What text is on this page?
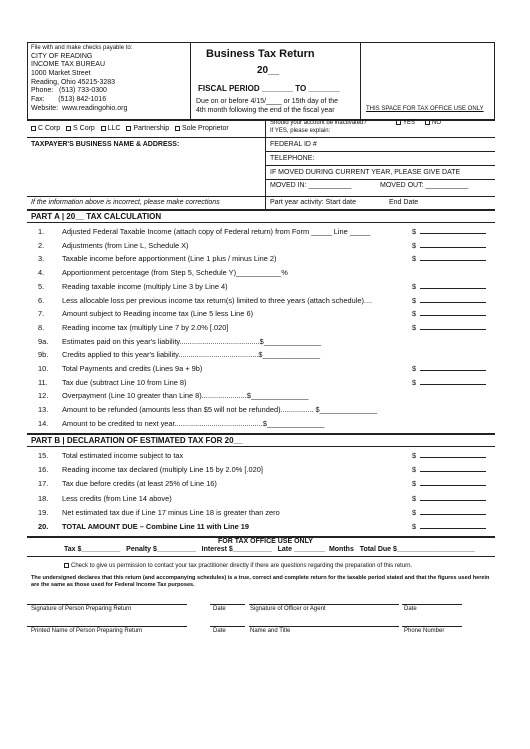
File with and make checks payable to:
CITY OF READING
INCOME TAX BUREAU
1000 Market Street
Reading, Ohio 45215-3283
Phone:   (513) 733-0300
Fax:       (513) 842-1016
Website:  www.readingohio.org
Business Tax Return
20__
FISCAL PERIOD _______ TO _______
Due on or before 4/15/____ or 15th day of the
4th month following the end of the fiscal year	THIS SPACE FOR TAX OFFICE USE ONLY
C Corp S Corp LLC Partnership Sole Proprietor
Should your account be inactivated?	YES	NO
If YES, please explain:
TAXPAYER'S BUSINESS NAME & ADDRESS:	FEDERAL ID #
TELEPHONE:
IF MOVED DURING CURRENT YEAR, PLEASE GIVE DATE
MOVED IN: ___________	MOVED OUT: ___________
If the information above is incorrect, please make corrections	Part year activity: Start date	End Date
PART A | 20__ TAX CALCULATION
1.	Adjusted Federal Taxable Income (attach copy of Federal return) from Form _____ Line _____	$
2.	Adjustments (from Line L, Schedule X)	$
3.	Taxable income before apportionment (Line 1 plus / minus Line 2)	$
4.	Apportionment percentage (from Step 5, Schedule Y)___________%
5.	Reading taxable income (multiply Line 3 by Line 4)	$
6.	Less allocable loss per previous income tax return(s) limited to three years (attach schedule)....	$
7.	Amount subject to Reading income tax (Line 5 less Line 6)	$
8.	Reading income tax (multiply Line 7 by 2.0% [.020]	$
9a.	Estimates paid on this year's liability.......................................$______________
9b.	Credits applied to this year's liability.......................................$______________
10.	Total Payments and credits (Lines 9a + 9b)	$
11.	Tax due (subtract Line 10 from Line 8)	$
12.	Overpayment (Line 10 greater than Line 8)......................$______________
13.	Amount to be refunded (amounts less than $5 will not be refunded)................ $______________
14.	Amount to be credited to next year...........................................$______________
PART B | DECLARATION OF ESTIMATED TAX FOR 20__
15.	Total estimated income subject to tax	$
16.	Reading income tax declared (multiply Line 15 by 2.0% [.020]	$
17.	Tax due before credits (at least 25% of Line 16)	$
18.	Less credits (from Line 14 above)	$
19.	Net estimated tax due if Line 17 minus Line 18 is greater than zero	$
20.	TOTAL AMOUNT DUE – Combine Line 11 with Line 19	$
FOR TAX OFFICE USE ONLY
Tax $__________ Penalty $__________ Interest $__________ Late ________ Months Total Due $____________________
Check to give us permission to contact your tax practitioner directly if there are questions regarding the preparation of this return.
The undersigned declares that this return (and accompanying schedules) is a true, correct and complete return for the taxable period stated and that the figures used herein are the same as those used for Federal Income Tax purposes.
Signature of Person Preparing Return	Date	Signature of Officer or Agent	Date
Printed Name of Person Preparing Return	Date	Name and Title	Phone Number
